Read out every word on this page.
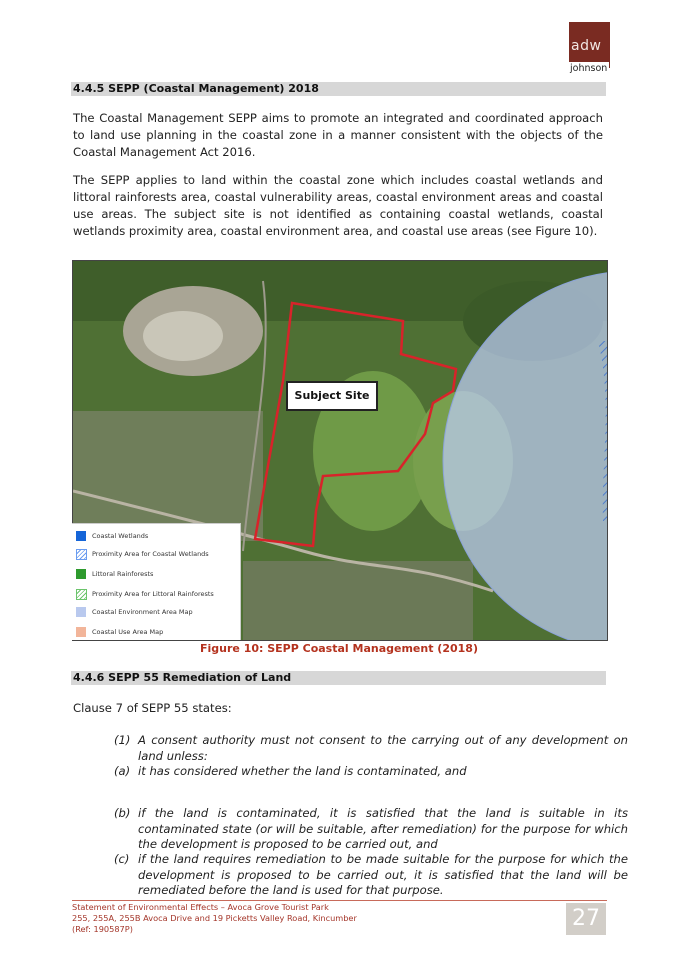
adw
johnson
4.4.5 SEPP (Coastal Management) 2018
The Coastal Management SEPP aims to promote an integrated and coordinated approach to land use planning in the coastal zone in a manner consistent with the objects of the Coastal Management Act 2016.
The SEPP applies to land within the coastal zone which includes coastal wetlands and littoral rainforests area, coastal vulnerability areas, coastal environment areas and coastal use areas. The subject site is not identified as containing coastal wetlands, coastal wetlands proximity area, coastal environment area, and coastal use areas (see Figure 10).
Subject Site
Coastal Wetlands
Proximity Area for Coastal Wetlands
Littoral Rainforests
Proximity Area for Littoral Rainforests
Coastal Environment Area Map
Coastal Use Area Map
Figure 10: SEPP Coastal Management (2018)
4.4.6 SEPP 55 Remediation of Land
Clause 7 of SEPP 55 states:
(1) A consent authority must not consent to the carrying out of any development on land unless:
(a) it has considered whether the land is contaminated, and
(b) if the land is contaminated, it is satisfied that the land is suitable in its contaminated state (or will be suitable, after remediation) for the purpose for which the development is proposed to be carried out, and
(c) if the land requires remediation to be made suitable for the purpose for which the development is proposed to be carried out, it is satisfied that the land will be remediated before the land is used for that purpose.
Statement of Environmental Effects – Avoca Grove Tourist Park
255, 255A, 255B Avoca Drive and 19 Picketts Valley Road, Kincumber
(Ref: 190587P)	27
